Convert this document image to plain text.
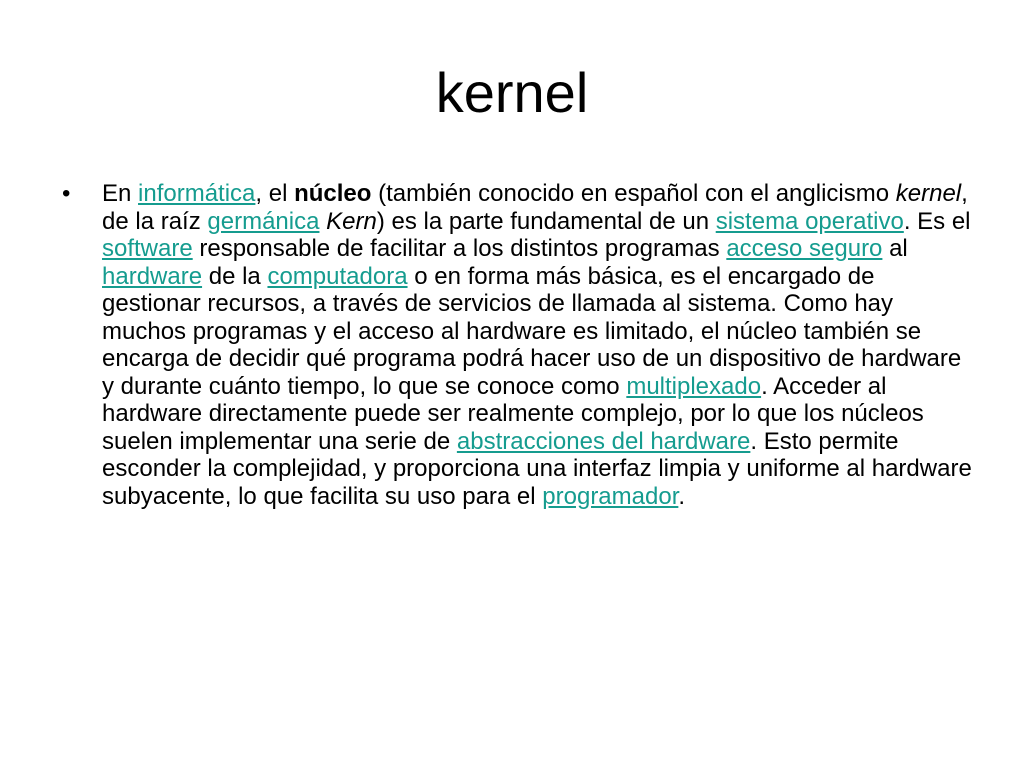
kernel
•	En informática, el núcleo (también conocido en español con el anglicismo kernel, de la raíz germánica Kern) es la parte fundamental de un sistema operativo. Es el software responsable de facilitar a los distintos programas acceso seguro al hardware de la computadora o en forma más básica, es el encargado de gestionar recursos, a través de servicios de llamada al sistema. Como hay muchos programas y el acceso al hardware es limitado, el núcleo también se encarga de decidir qué programa podrá hacer uso de un dispositivo de hardware y durante cuánto tiempo, lo que se conoce como multiplexado. Acceder al hardware directamente puede ser realmente complejo, por lo que los núcleos suelen implementar una serie de abstracciones del hardware. Esto permite esconder la complejidad, y proporciona una interfaz limpia y uniforme al hardware subyacente, lo que facilita su uso para el programador.
